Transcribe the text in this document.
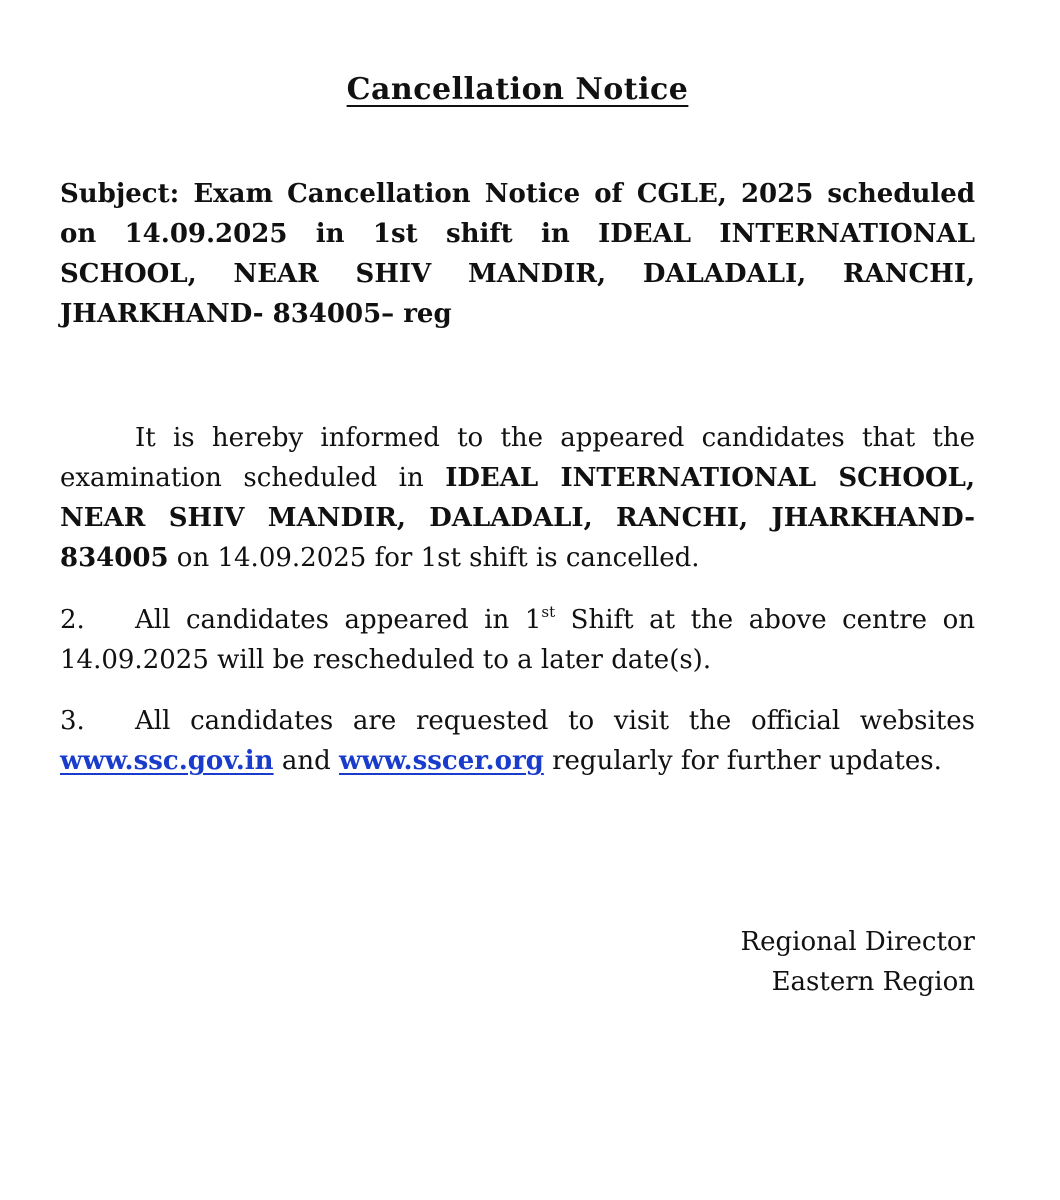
Cancellation Notice
Subject: Exam Cancellation Notice of CGLE, 2025 scheduled on 14.09.2025 in 1st shift in IDEAL INTERNATIONAL SCHOOL, NEAR SHIV MANDIR, DALADALI, RANCHI, JHARKHAND- 834005– reg
It is hereby informed to the appeared candidates that the examination scheduled in IDEAL INTERNATIONAL SCHOOL, NEAR SHIV MANDIR, DALADALI, RANCHI, JHARKHAND- 834005 on 14.09.2025 for 1st shift is cancelled.
2. All candidates appeared in 1st Shift at the above centre on 14.09.2025 will be rescheduled to a later date(s).
3. All candidates are requested to visit the official websites www.ssc.gov.in and www.sscer.org regularly for further updates.
Regional Director
Eastern Region
